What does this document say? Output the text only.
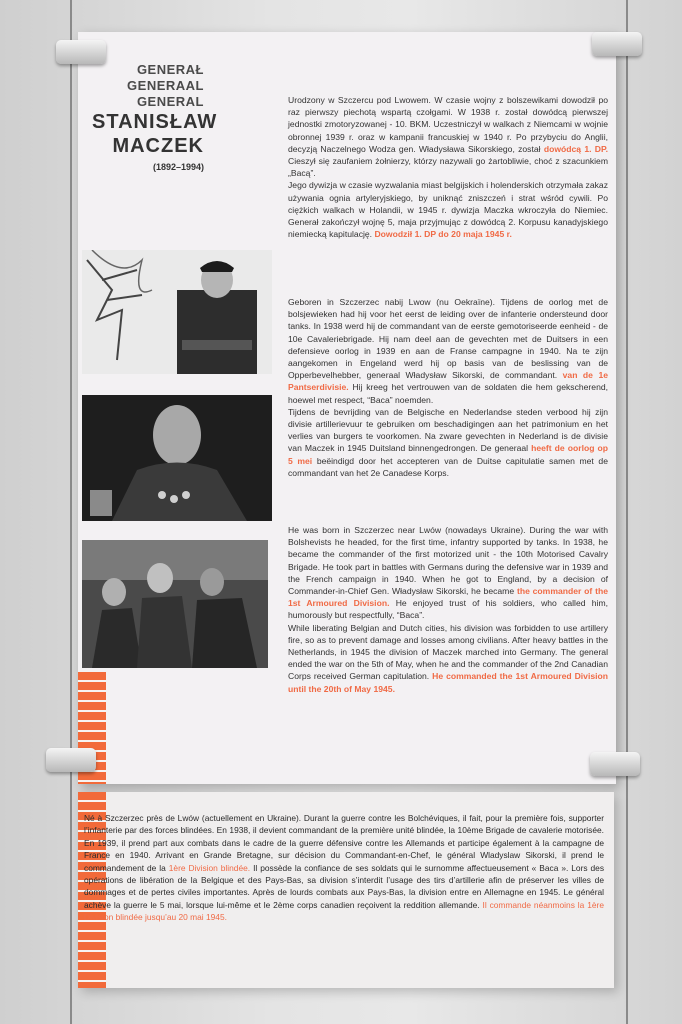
GENERAŁ
GENERAAL
GENERAL
STANISŁAW
MACZEK
(1892–1994)
Urodzony w Szczercu pod Lwowem. W czasie wojny z bolszewikami dowodził po raz pierwszy piechotą wspartą czołgami. W 1938 r. został dowódcą pierwszej jednostki zmotoryzowanej - 10. BKM. Uczestniczył w walkach z Niemcami w wojnie obronnej 1939 r. oraz w kampanii francuskiej w 1940 r. Po przybyciu do Anglii, decyzją Naczelnego Wodza gen. Władysława Sikorskiego, został dowódcą 1. DP. Cieszył się zaufaniem żołnierzy, którzy nazywali go żartobliwie, choć z szacunkiem „Bacą”.
Jego dywizja w czasie wyzwalania miast belgijskich i holenderskich otrzymała zakaz używania ognia artyleryjskiego, by uniknąć zniszczeń i strat wśród cywili. Po ciężkich walkach w Holandii, w 1945 r. dywizja Maczka wkroczyła do Niemiec. Generał zakończył wojnę 5, maja przyjmując z dowódcą 2. Korpusu kanadyjskiego niemiecką kapitulację. Dowodził 1. DP do 20 maja 1945 r.
Geboren in Szczerzec nabij Lwow (nu Oekraïne). Tijdens de oorlog met de bolsjewieken had hij voor het eerst de leiding over de infanterie ondersteund door tanks. In 1938 werd hij de commandant van de eerste gemotoriseerde eenheid - de 10e Cavaleriebrigade. Hij nam deel aan de gevechten met de Duitsers in een defensieve oorlog in 1939 en aan de Franse campagne in 1940. Na te zijn aangekomen in Engeland werd hij op basis van de beslissing van de Opperbevelhebber, generaal Władysław Sikorski, de commandant. van de 1e Pantserdivisie. Hij kreeg het vertrouwen van de soldaten die hem gekscherend, hoewel met respect, “Baca” noemden.
Tijdens de bevrijding van de Belgische en Nederlandse steden verbood hij zijn divisie artillerievuur te gebruiken om beschadigingen aan het patrimonium en het verlies van burgers te voorkomen. Na zware gevechten in Nederland is de divisie van Maczek in 1945 Duitsland binnengedrongen. De generaal heeft de oorlog op 5 mei beëindigd door het accepteren van de Duitse capitulatie samen met de commandant van het 2e Canadese Korps.
He was born in Szczerzec near Lwów (nowadays Ukraine). During the war with Bolshevists he headed, for the first time, infantry supported by tanks. In 1938, he became the commander of the first motorized unit - the 10th Motorised Cavalry Brigade. He took part in battles with Germans during the defensive war in 1939 and the French campaign in 1940. When he got to England, by a decision of Commander-in-Chief Gen. Władysław Sikorski, he became the commander of the 1st Armoured Division. He enjoyed trust of his soldiers, who called him, humorously but respectfully, “Baca”.
While liberating Belgian and Dutch cities, his division was forbidden to use artillery fire, so as to prevent damage and losses among civilians. After heavy battles in the Netherlands, in 1945 the division of Maczek marched into Germany. The general ended the war on the 5th of May, when he and the commander of the 2nd Canadian Corps received German capitulation. He commanded the 1st Armoured Division until the 20th of May 1945.
Né à Szczerzec près de Lwów (actuellement en Ukraine). Durant la guerre contre les Bolchéviques, il fait, pour la première fois, supporter l’infanterie par des forces blindées. En 1938, il devient commandant de la première unité blindée, la 10ème Brigade de cavalerie motorisée. En 1939, il prend part aux combats dans le cadre de la guerre défensive contre les Allemands et participe également à la campagne de France en 1940. Arrivant en Grande Bretagne, sur décision du Commandant-en-Chef, le général Wladyslaw Sikorski, il prend le commandement de la 1ère Division blindée. Il possède la confiance de ses soldats qui le surnomme affectueusement « Baca ». Lors des opérations de libération de la Belgique et des Pays-Bas, sa division s’interdit l’usage des tirs d’artillerie afin de préserver les villes de dommages et de pertes civiles importantes. Après de lourds combats aux Pays-Bas, la division entre en Allemagne en 1945. Le général achève la guerre le 5 mai, lorsque lui-même et le 2ème corps canadien reçoivent la reddition allemande. Il commande néanmoins la 1ère Division blindée jusqu’au 20 mai 1945.
